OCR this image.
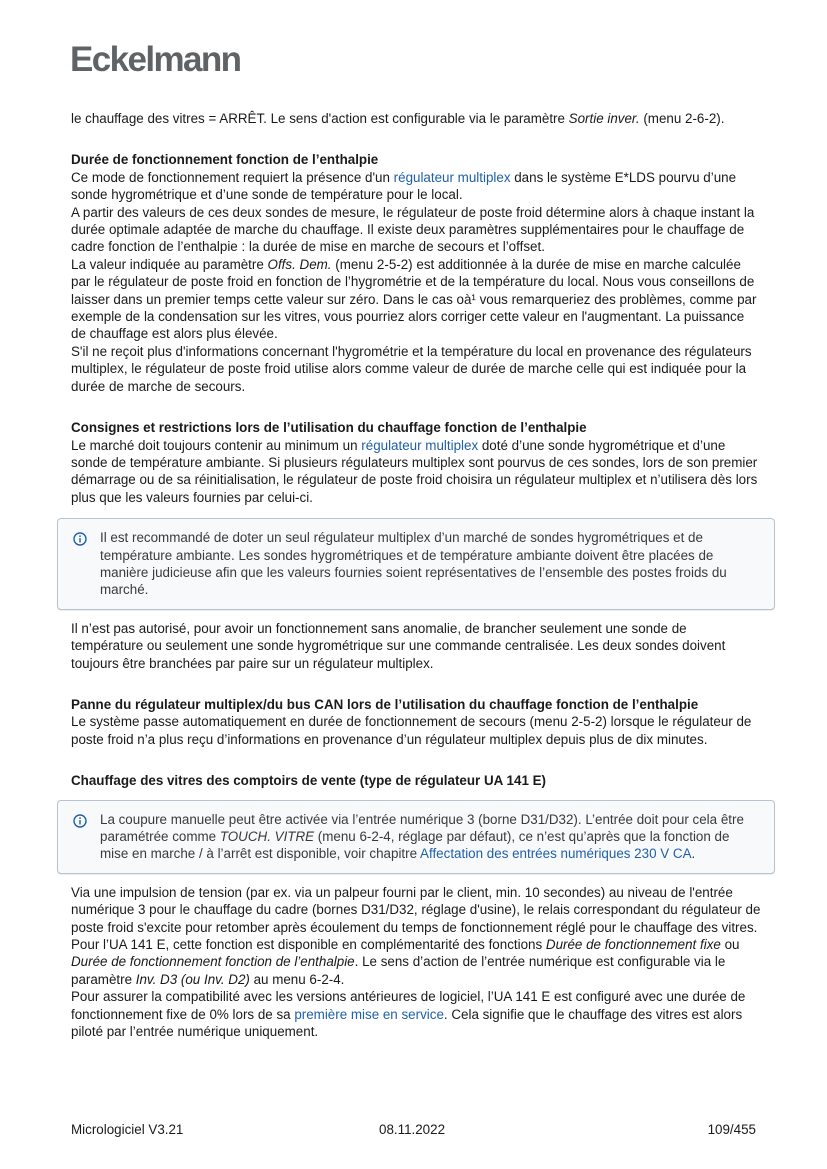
Eckelmann

le chauffage des vitres = ARRÊT. Le sens d'action est configurable via le paramètre Sortie inver. (menu 2-6-2).

Durée de fonctionnement fonction de l’enthalpie

Ce mode de fonctionnement requiert la présence d'un régulateur multiplex dans le système E*LDS pourvu d’une sonde hygrométrique et d’une sonde de température pour le local.

A partir des valeurs de ces deux sondes de mesure, le régulateur de poste froid détermine alors à chaque instant la durée optimale adaptée de marche du chauffage. Il existe deux paramètres supplémentaires pour le chauffage de cadre fonction de l’enthalpie : la durée de mise en marche de secours et l’offset.

La valeur indiquée au paramètre Offs. Dem. (menu 2-5-2) est additionnée à la durée de mise en marche calculée par le régulateur de poste froid en fonction de l’hygrométrie et de la température du local. Nous vous conseillons de laisser dans un premier temps cette valeur sur zéro. Dans le cas oà¹ vous remarqueriez des problèmes, comme par exemple de la condensation sur les vitres, vous pourriez alors corriger cette valeur en l'augmentant. La puissance de chauffage est alors plus élevée.

S'il ne reçoit plus d'informations concernant l'hygrométrie et la température du local en provenance des régulateurs multiplex, le régulateur de poste froid utilise alors comme valeur de durée de marche celle qui est indiquée pour la durée de marche de secours.

Consignes et restrictions lors de l’utilisation du chauffage fonction de l’enthalpie

Le marché doit toujours contenir au minimum un régulateur multiplex doté d’une sonde hygrométrique et d’une sonde de température ambiante. Si plusieurs régulateurs multiplex sont pourvus de ces sondes, lors de son premier démarrage ou de sa réinitialisation, le régulateur de poste froid choisira un régulateur multiplex et n’utilisera dès lors plus que les valeurs fournies par celui-ci.

Il est recommandé de doter un seul régulateur multiplex d’un marché de sondes hygrométriques et de température ambiante. Les sondes hygrométriques et de température ambiante doivent être placées de manière judicieuse afin que les valeurs fournies soient représentatives de l’ensemble des postes froids du marché.

Il n’est pas autorisé, pour avoir un fonctionnement sans anomalie, de brancher seulement une sonde de température ou seulement une sonde hygrométrique sur une commande centralisée. Les deux sondes doivent toujours être branchées par paire sur un régulateur multiplex.

Panne du régulateur multiplex/du bus CAN lors de l’utilisation du chauffage fonction de l’enthalpie

Le système passe automatiquement en durée de fonctionnement de secours (menu 2-5-2) lorsque le régulateur de poste froid n’a plus reçu d’informations en provenance d’un régulateur multiplex depuis plus de dix minutes.

Chauffage des vitres des comptoirs de vente (type de régulateur UA 141 E)

La coupure manuelle peut être activée via l’entrée numérique 3 (borne D31/D32). L’entrée doit pour cela être paramétrée comme TOUCH. VITRE (menu 6-2-4, réglage par défaut), ce n’est qu’après que la fonction de mise en marche / à l’arrêt est disponible, voir chapitre Affectation des entrées numériques 230 V CA.

Via une impulsion de tension (par ex. via un palpeur fourni par le client, min. 10 secondes) au niveau de l'entrée numérique 3 pour le chauffage du cadre (bornes D31/D32, réglage d'usine), le relais correspondant du régulateur de poste froid s'excite pour retomber après écoulement du temps de fonctionnement réglé pour le chauffage des vitres. Pour l’UA 141 E, cette fonction est disponible en complémentarité des fonctions Durée de fonctionnement fixe ou Durée de fonctionnement fonction de l’enthalpie. Le sens d’action de l’entrée numérique est configurable via le paramètre Inv. D3 (ou Inv. D2) au menu 6-2-4.

Pour assurer la compatibilité avec les versions antérieures de logiciel, l’UA 141 E est configuré avec une durée de fonctionnement fixe de 0% lors de sa première mise en service. Cela signifie que le chauffage des vitres est alors piloté par l’entrée numérique uniquement.

Micrologiciel V3.21	08.11.2022	109/455
